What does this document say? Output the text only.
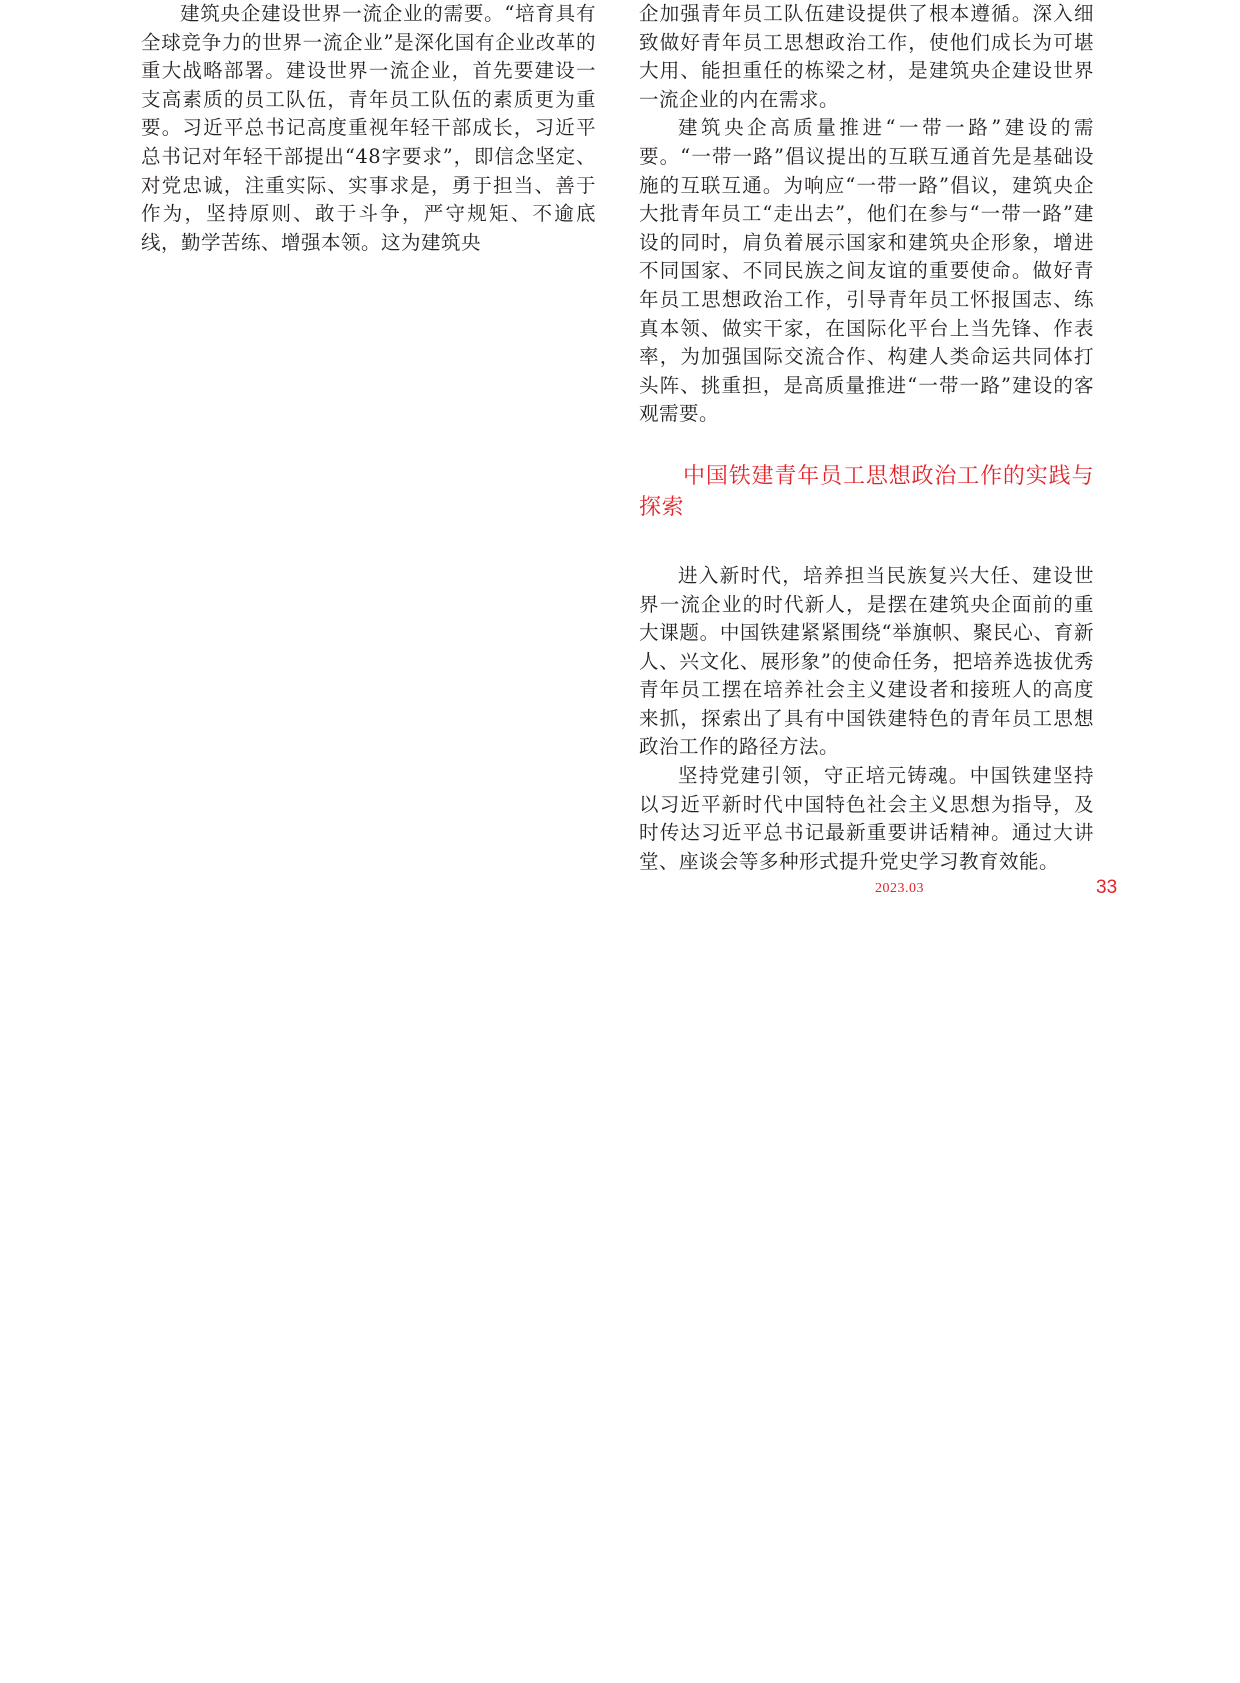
建筑央企建设世界一流企业的需要。“培育具有全球竞争力的世界一流企业”是深化国有企业改革的重大战略部署。建设世界一流企业，首先要建设一支高素质的员工队伍，青年员工队伍的素质更为重要。习近平总书记高度重视年轻干部成长，习近平总书记对年轻干部提出“48字要求”，即信念坚定、对党忠诚，注重实际、实事求是，勇于担当、善于作为，坚持原则、敢于斗争，严守规矩、不逾底线，勤学苦练、增强本领。这为建筑央

企加强青年员工队伍建设提供了根本遵循。深入细致做好青年员工思想政治工作，使他们成长为可堪大用、能担重任的栋梁之材，是建筑央企建设世界一流企业的内在需求。

建筑央企高质量推进“一带一路”建设的需要。“一带一路”倡议提出的互联互通首先是基础设施的互联互通。为响应“一带一路”倡议，建筑央企大批青年员工“走出去”，他们在参与“一带一路”建设的同时，肩负着展示国家和建筑央企形象，增进不同国家、不同民族之间友谊的重要使命。做好青年员工思想政治工作，引导青年员工怀报国志、练真本领、做实干家，在国际化平台上当先锋、作表率，为加强国际交流合作、构建人类命运共同体打头阵、挑重担，是高质量推进“一带一路”建设的客观需要。

中国铁建青年员工思想政治工作的实践与探索

进入新时代，培养担当民族复兴大任、建设世界一流企业的时代新人，是摆在建筑央企面前的重大课题。中国铁建紧紧围绕“举旗帜、聚民心、育新人、兴文化、展形象”的使命任务，把培养选拔优秀青年员工摆在培养社会主义建设者和接班人的高度来抓，探索出了具有中国铁建特色的青年员工思想政治工作的路径方法。

坚持党建引领，守正培元铸魂。中国铁建坚持以习近平新时代中国特色社会主义思想为指导，及时传达习近平总书记最新重要讲话精神。通过大讲堂、座谈会等多种形式提升党史学习教育效能。

2023.03	33
